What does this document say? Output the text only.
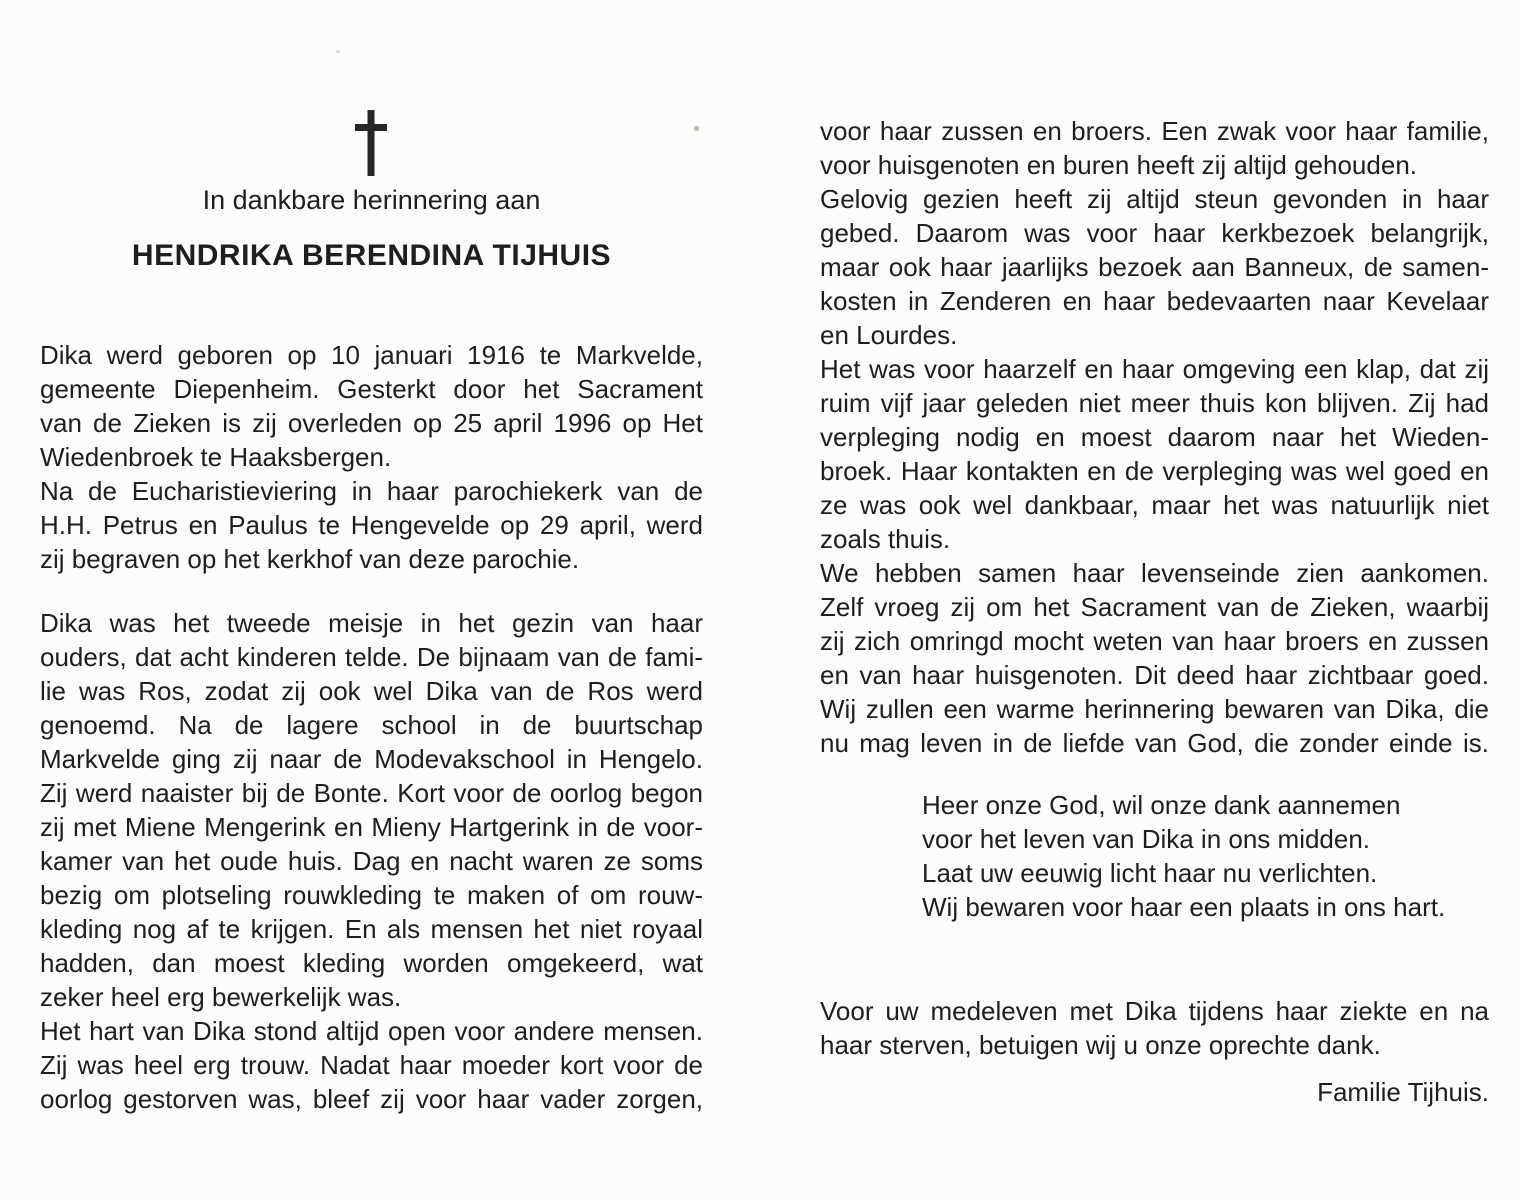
In dankbare herinnering aan
HENDRIKA BERENDINA TIJHUIS
Dika werd geboren op 10 januari 1916 te Markvelde,
gemeente Diepenheim. Gesterkt door het Sacrament
van de Zieken is zij overleden op 25 april 1996 op Het
Wiedenbroek te Haaksbergen.
Na de Eucharistieviering in haar parochiekerk van de
H.H. Petrus en Paulus te Hengevelde op 29 april, werd
zij begraven op het kerkhof van deze parochie.
Dika was het tweede meisje in het gezin van haar
ouders, dat acht kinderen telde. De bijnaam van de fami-
lie was Ros, zodat zij ook wel Dika van de Ros werd
genoemd. Na de lagere school in de buurtschap
Markvelde ging zij naar de Modevakschool in Hengelo.
Zij werd naaister bij de Bonte. Kort voor de oorlog begon
zij met Miene Mengerink en Mieny Hartgerink in de voor-
kamer van het oude huis. Dag en nacht waren ze soms
bezig om plotseling rouwkleding te maken of om rouw-
kleding nog af te krijgen. En als mensen het niet royaal
hadden, dan moest kleding worden omgekeerd, wat
zeker heel erg bewerkelijk was.
Het hart van Dika stond altijd open voor andere mensen.
Zij was heel erg trouw. Nadat haar moeder kort voor de
oorlog gestorven was, bleef zij voor haar vader zorgen,
voor haar zussen en broers. Een zwak voor haar familie,
voor huisgenoten en buren heeft zij altijd gehouden.
Gelovig gezien heeft zij altijd steun gevonden in haar
gebed. Daarom was voor haar kerkbezoek belangrijk,
maar ook haar jaarlijks bezoek aan Banneux, de samen-
kosten in Zenderen en haar bedevaarten naar Kevelaar
en Lourdes.
Het was voor haarzelf en haar omgeving een klap, dat zij
ruim vijf jaar geleden niet meer thuis kon blijven. Zij had
verpleging nodig en moest daarom naar het Wieden-
broek. Haar kontakten en de verpleging was wel goed en
ze was ook wel dankbaar, maar het was natuurlijk niet
zoals thuis.
We hebben samen haar levenseinde zien aankomen.
Zelf vroeg zij om het Sacrament van de Zieken, waarbij
zij zich omringd mocht weten van haar broers en zussen
en van haar huisgenoten. Dit deed haar zichtbaar goed.
Wij zullen een warme herinnering bewaren van Dika, die
nu mag leven in de liefde van God, die zonder einde is.
Heer onze God, wil onze dank aannemen
voor het leven van Dika in ons midden.
Laat uw eeuwig licht haar nu verlichten.
Wij bewaren voor haar een plaats in ons hart.
Voor uw medeleven met Dika tijdens haar ziekte en na
haar sterven, betuigen wij u onze oprechte dank.
Familie Tijhuis.
